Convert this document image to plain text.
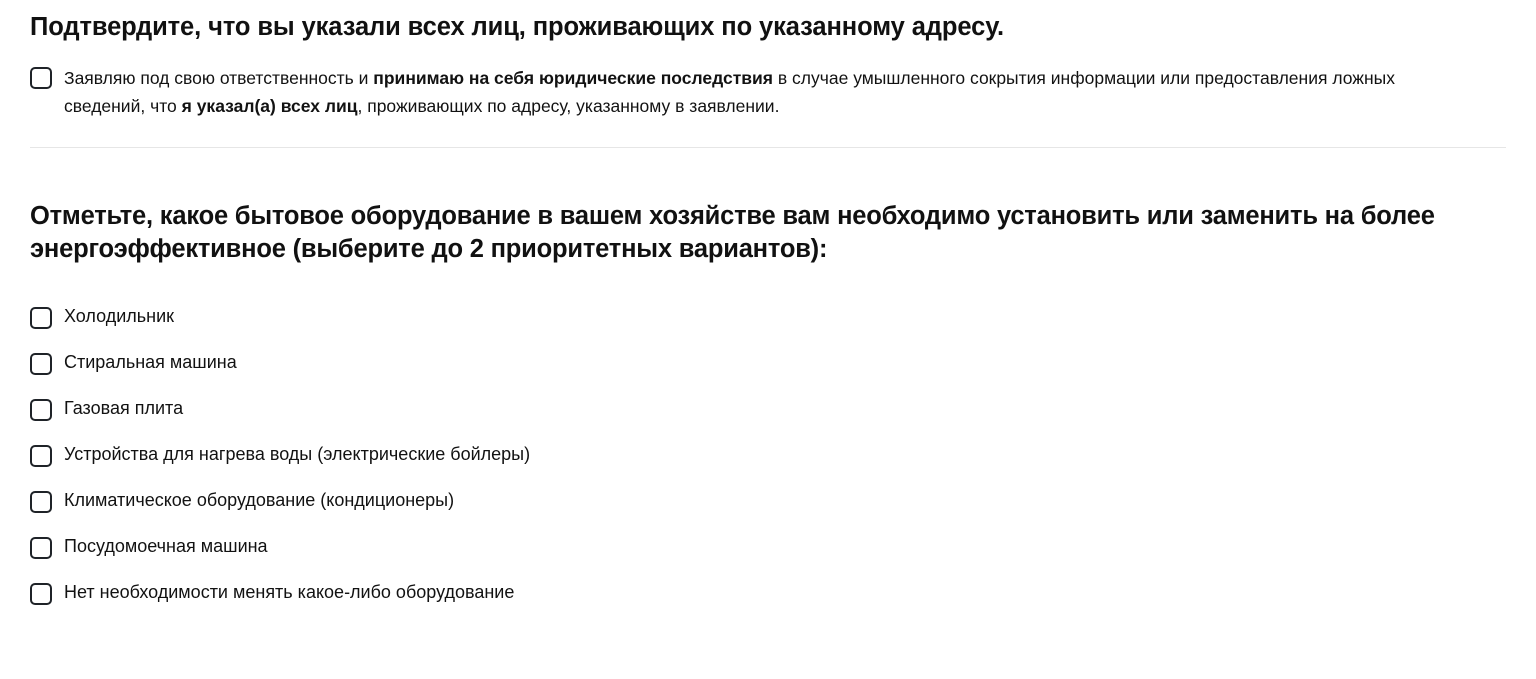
Подтвердите, что вы указали всех лиц, проживающих по указанному адресу.
Заявляю под свою ответственность и принимаю на себя юридические последствия в случае умышленного сокрытия информации или предоставления ложных сведений, что я указал(а) всех лиц, проживающих по адресу, указанному в заявлении.
Отметьте, какое бытовое оборудование в вашем хозяйстве вам необходимо установить или заменить на более энергоэффективное (выберите до 2 приоритетных вариантов):
Холодильник
Стиральная машина
Газовая плита
Устройства для нагрева воды (электрические бойлеры)
Климатическое оборудование (кондиционеры)
Посудомоечная машина
Нет необходимости менять какое-либо оборудование
